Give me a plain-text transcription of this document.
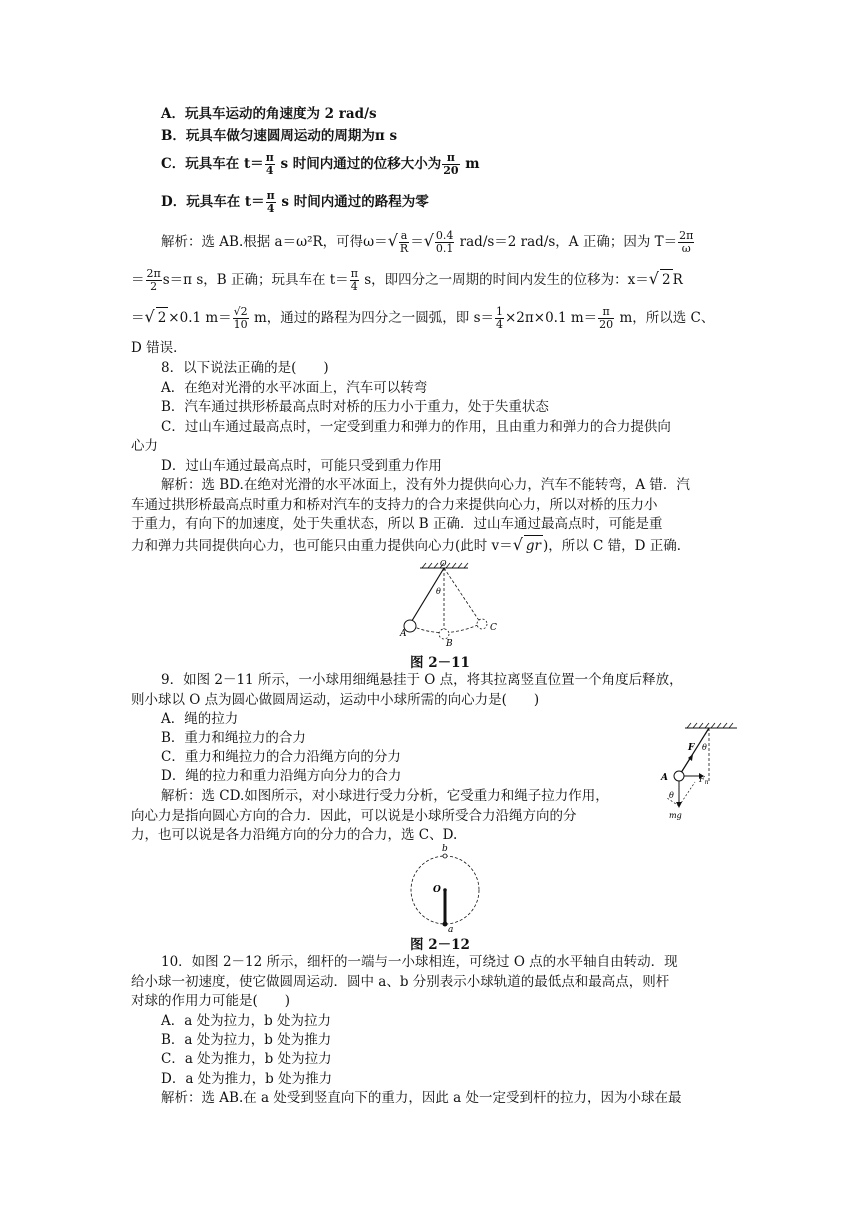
A．玩具车运动的角速度为 2 rad/s
B．玩具车做匀速圆周运动的周期为π s
C．玩具车在 $t= \frac{\pi}{4}$ s 时间内通过的位移大小为 $\frac{\pi}{20}$ m
D．玩具车在 $t= \frac{\pi}{4}$ s 时间内通过的路程为零
解析：选 AB.根据 a＝ω²R，可得$\omega=√ \frac{a}{R}$ ＝√ $\frac{0.4}{0.1} rad/s=2$ rad/s，A 正确；因为 $T= \frac{2\pi}{\omega}$
＝ $\frac{2\pi}{2} s=\pi$ s，B 正确；玩具车在 $t= \frac{\pi}{4}$ s，即四分之一周期的时间内发生的位移为：x＝√ 2 R
＝√ 2 ×0.1 $m= \frac{√2}{10}$ m，通过的路程为四分之一圆弧，即 $s= \frac{1}{4} \times 2\pi\times 0.1$ $m= \frac{\pi}{20}$ m，所以选 C、
D 错误．
8．以下说法正确的是(　　)
A．在绝对光滑的水平冰面上，汽车可以转弯
B．汽车通过拱形桥最高点时对桥的压力小于重力，处于失重状态
C．过山车通过最高点时，一定受到重力和弹力的作用，且由重力和弹力的合力提供向
心力
D．过山车通过最高点时，可能只受到重力作用
解析：选 BD.在绝对光滑的水平冰面上，没有外力提供向心力，汽车不能转弯，A 错．汽
车通过拱形桥最高点时重力和桥对汽车的支持力的合力来提供向心力，所以对桥的压力小
于重力，有向下的加速度，处于失重状态，所以 B 正确．过山车通过最高点时，可能是重
力和弹力共同提供向心力，也可能只由重力提供向心力(此时 v＝√ gr )，所以 C 错，D 正确．
O
θ
A
B
C
图 2－11
9．如图 2－11 所示，一小球用细绳悬挂于 O 点，将其拉离竖直位置一个角度后释放，
则小球以 O 点为圆心做圆周运动，运动中小球所需的向心力是(　　)
A．绳的拉力
B．重力和绳拉力的合力
C．重力和绳拉力的合力沿绳方向的分力
D．绳的拉力和重力沿绳方向分力的合力
解析：选 CD.如图所示，对小球进行受力分析，它受重力和绳子拉力作用，
向心力是指向圆心方向的合力．因此，可以说是小球所受合力沿绳方向的分
力，也可以说是各力沿绳方向的分力的合力，选 C、D.
F θ
A	$F_n$
θ
mg
b
O
a
图 2－12
10．如图 2－12 所示，细杆的一端与一小球相连，可绕过 O 点的水平轴自由转动．现
给小球一初速度，使它做圆周运动．圆中 a、b 分别表示小球轨道的最低点和最高点，则杆
对球的作用力可能是(　　)
A．a 处为拉力，b 处为拉力
B．a 处为拉力，b 处为推力
C．a 处为推力，b 处为拉力
D．a 处为推力，b 处为推力
解析：选 AB.在 a 处受到竖直向下的重力，因此 a 处一定受到杆的拉力，因为小球在最
